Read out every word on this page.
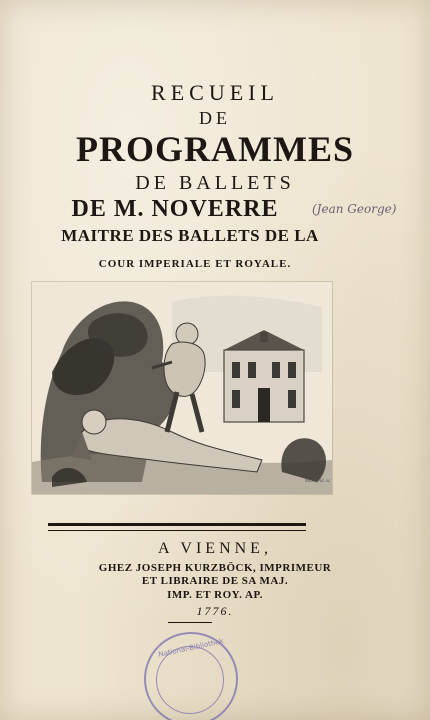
RECUEIL
DE
PROGRAMMES
DE BALLETS
DE M. NOVERRE	(Jean George)
MAITRE DES BALLETS DE LA
COUR IMPERIALE ET ROYALE.
Mansfeld. sc.
A VIENNE,
GHEZ JOSEPH KURZBÖCK, IMPRIMEUR
ET LIBRAIRE DE SA MAJ.
IMP. ET ROY. AP.
1776.
National-Bibliothek
